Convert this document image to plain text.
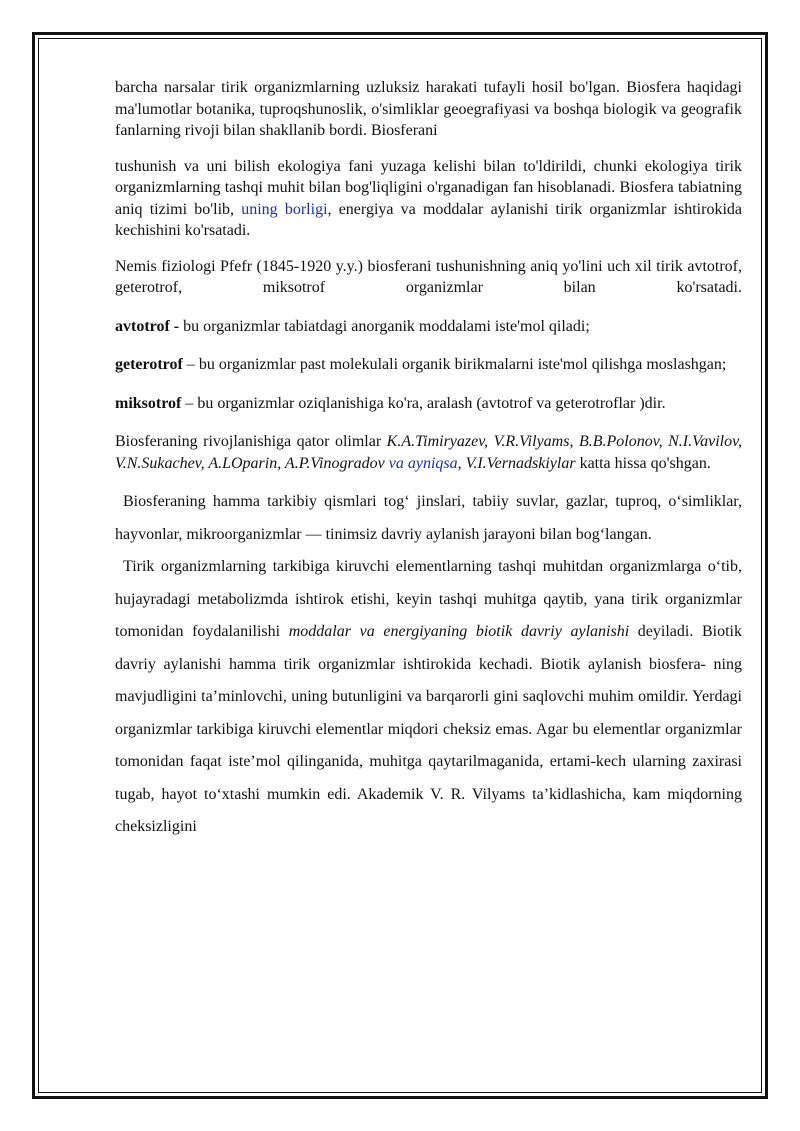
barcha narsalar tirik organizmlarning uzluksiz harakati tufayli hosil bo'lgan. Biosfera haqidagi ma'lumotlar botanika, tuproqshunoslik, o'simliklar geoegrafiyasi va boshqa biologik va geografik fanlarning rivoji bilan shakllanib bordi. Biosferani

tushunish va uni bilish ekologiya fani yuzaga kelishi bilan to'ldirildi, chunki ekologiya tirik organizmlarning tashqi muhit bilan bog'liqligini o'rganadigan fan hisoblanadi. Biosfera tabiatning aniq tizimi bo'lib, uning borligi, energiya va moddalar aylanishi tirik organizmlar ishtirokida kechishini ko'rsatadi.

Nemis fiziologi Pfefr (1845-1920 y.y.) biosferani tushunishning aniq yo'lini uch xil tirik avtotrof, geterotrof, miksotrof organizmlar bilan ko'rsatadi.

avtotrof - bu organizmlar tabiatdagi anorganik moddalami iste'mol qiladi;

geterotrof – bu organizmlar past molekulali organik birikmalarni iste'mol qilishga moslashgan;

miksotrof – bu organizmlar oziqlanishiga ko'ra, aralash (avtotrof va geterotroflar )dir.

Biosferaning rivojlanishiga qator olimlar K.A.Timiryazev, V.R.Vilyams, B.B.Polonov, N.I.Vavilov, V.N.Sukachev, A.LOparin, A.P.Vinogradov va ayniqsa, V.I.Vernadskiylar katta hissa qo'shgan.

Biosferaning hamma tarkibiy qismlari tog‘ jinslari, tabiiy suvlar, gazlar, tuproq, o‘simliklar, hayvonlar, mikroorganizmlar — tinimsiz davriy aylanish jarayoni bilan bog‘langan.

Tirik organizmlarning tarkibiga kiruvchi elementlarning tashqi muhitdan organizmlarga o‘tib, hujayradagi metabolizmda ishtirok etishi, keyin tashqi muhitga qaytib, yana tirik organizmlar tomonidan foydalanilishi moddalar va energiyaning biotik davriy aylanishi deyiladi. Biotik davriy aylanishi hamma tirik organizmlar ishtirokida kechadi. Biotik aylanish biosfera- ning mavjudligini ta’minlovchi, uning butunligini va barqarorli gini saqlovchi muhim omildir. Yerdagi organizmlar tarkibiga kiruvchi elementlar miqdori cheksiz emas. Agar bu elementlar organizmlar tomonidan faqat iste’mol qilinganida, muhitga qaytarilmaganida, ertami-kech ularning zaxirasi tugab, hayot to‘xtashi mumkin edi. Akademik V. R. Vilyams ta’kidlashicha, kam miqdorning cheksizligini
